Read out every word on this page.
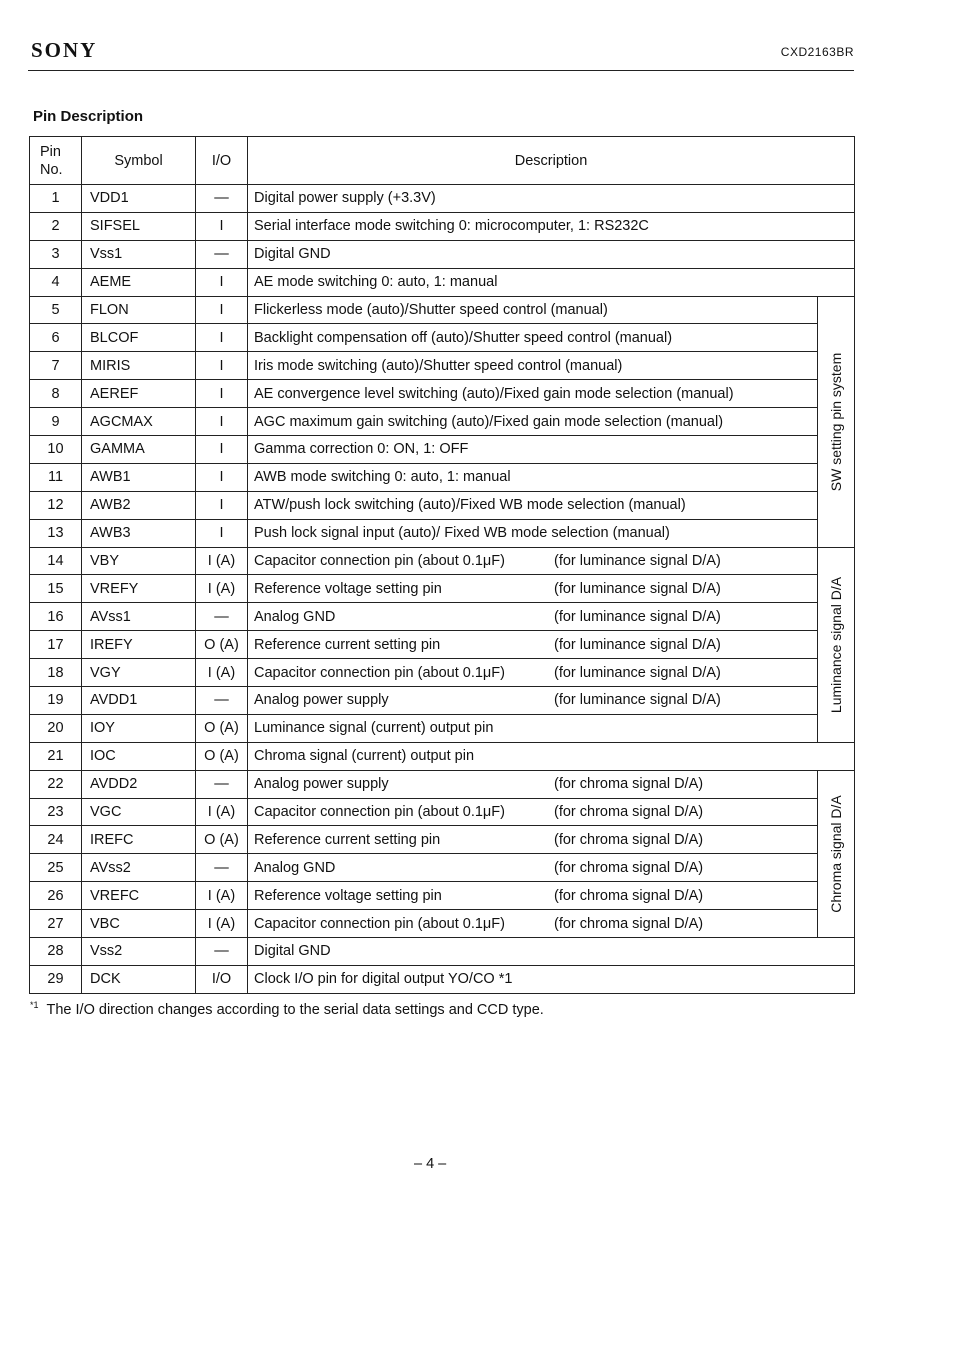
SONY	CXD2163BR
Pin Description
Pin
No.	Symbol	I/O	Description	
1	VDD1	—	Digital power supply (+3.3V)	
2	SIFSEL	I	Serial interface mode switching 0: microcomputer, 1: RS232C	
3	Vss1	—	Digital GND	
4	AEME	I	AE mode switching 0: auto, 1: manual	
5	FLON	I	Flickerless mode (auto)/Shutter speed control (manual)	SW setting pin system

6	BLCOF	I	Backlight compensation off (auto)/Shutter speed control (manual)	
7	MIRIS	I	Iris mode switching (auto)/Shutter speed control (manual)	
8	AEREF	I	AE convergence level switching (auto)/Fixed gain mode selection (manual)	
9	AGCMAX	I	AGC maximum gain switching (auto)/Fixed gain mode selection (manual)	
10	GAMMA	I	Gamma correction 0: ON, 1: OFF	
11	AWB1	I	AWB mode switching 0: auto, 1: manual	
12	AWB2	I	ATW/push lock switching (auto)/Fixed WB mode selection (manual)	
13	AWB3	I	Push lock signal input (auto)/ Fixed WB mode selection (manual)	
14	VBY	I (A)	Capacitor connection pin (about 0.1μF) (for luminance signal D/A)	Luminance signal D/A

15	VREFY	I (A)	Reference voltage setting pin (for luminance signal D/A)	
16	AVss1	—	Analog GND (for luminance signal D/A)	
17	IREFY	O (A)	Reference current setting pin (for luminance signal D/A)	
18	VGY	I (A)	Capacitor connection pin (about 0.1μF) (for luminance signal D/A)	
19	AVDD1	—	Analog power supply (for luminance signal D/A)	
20	IOY	O (A)	Luminance signal (current) output pin	
21	IOC	O (A)	Chroma signal (current) output pin	
22	AVDD2	—	Analog power supply (for chroma signal D/A)	Chroma signal D/A

23	VGC	I (A)	Capacitor connection pin (about 0.1μF) (for chroma signal D/A)	
24	IREFC	O (A)	Reference current setting pin (for chroma signal D/A)	
25	AVss2	—	Analog GND (for chroma signal D/A)	
26	VREFC	I (A)	Reference voltage setting pin (for chroma signal D/A)	
27	VBC	I (A)	Capacitor connection pin (about 0.1μF) (for chroma signal D/A)	
28	Vss2	—	Digital GND	
29	DCK	I/O	Clock I/O pin for digital output YO/CO *1	
$^{*1}$ The I/O direction changes according to the serial data settings and CCD type.
– 4 –
